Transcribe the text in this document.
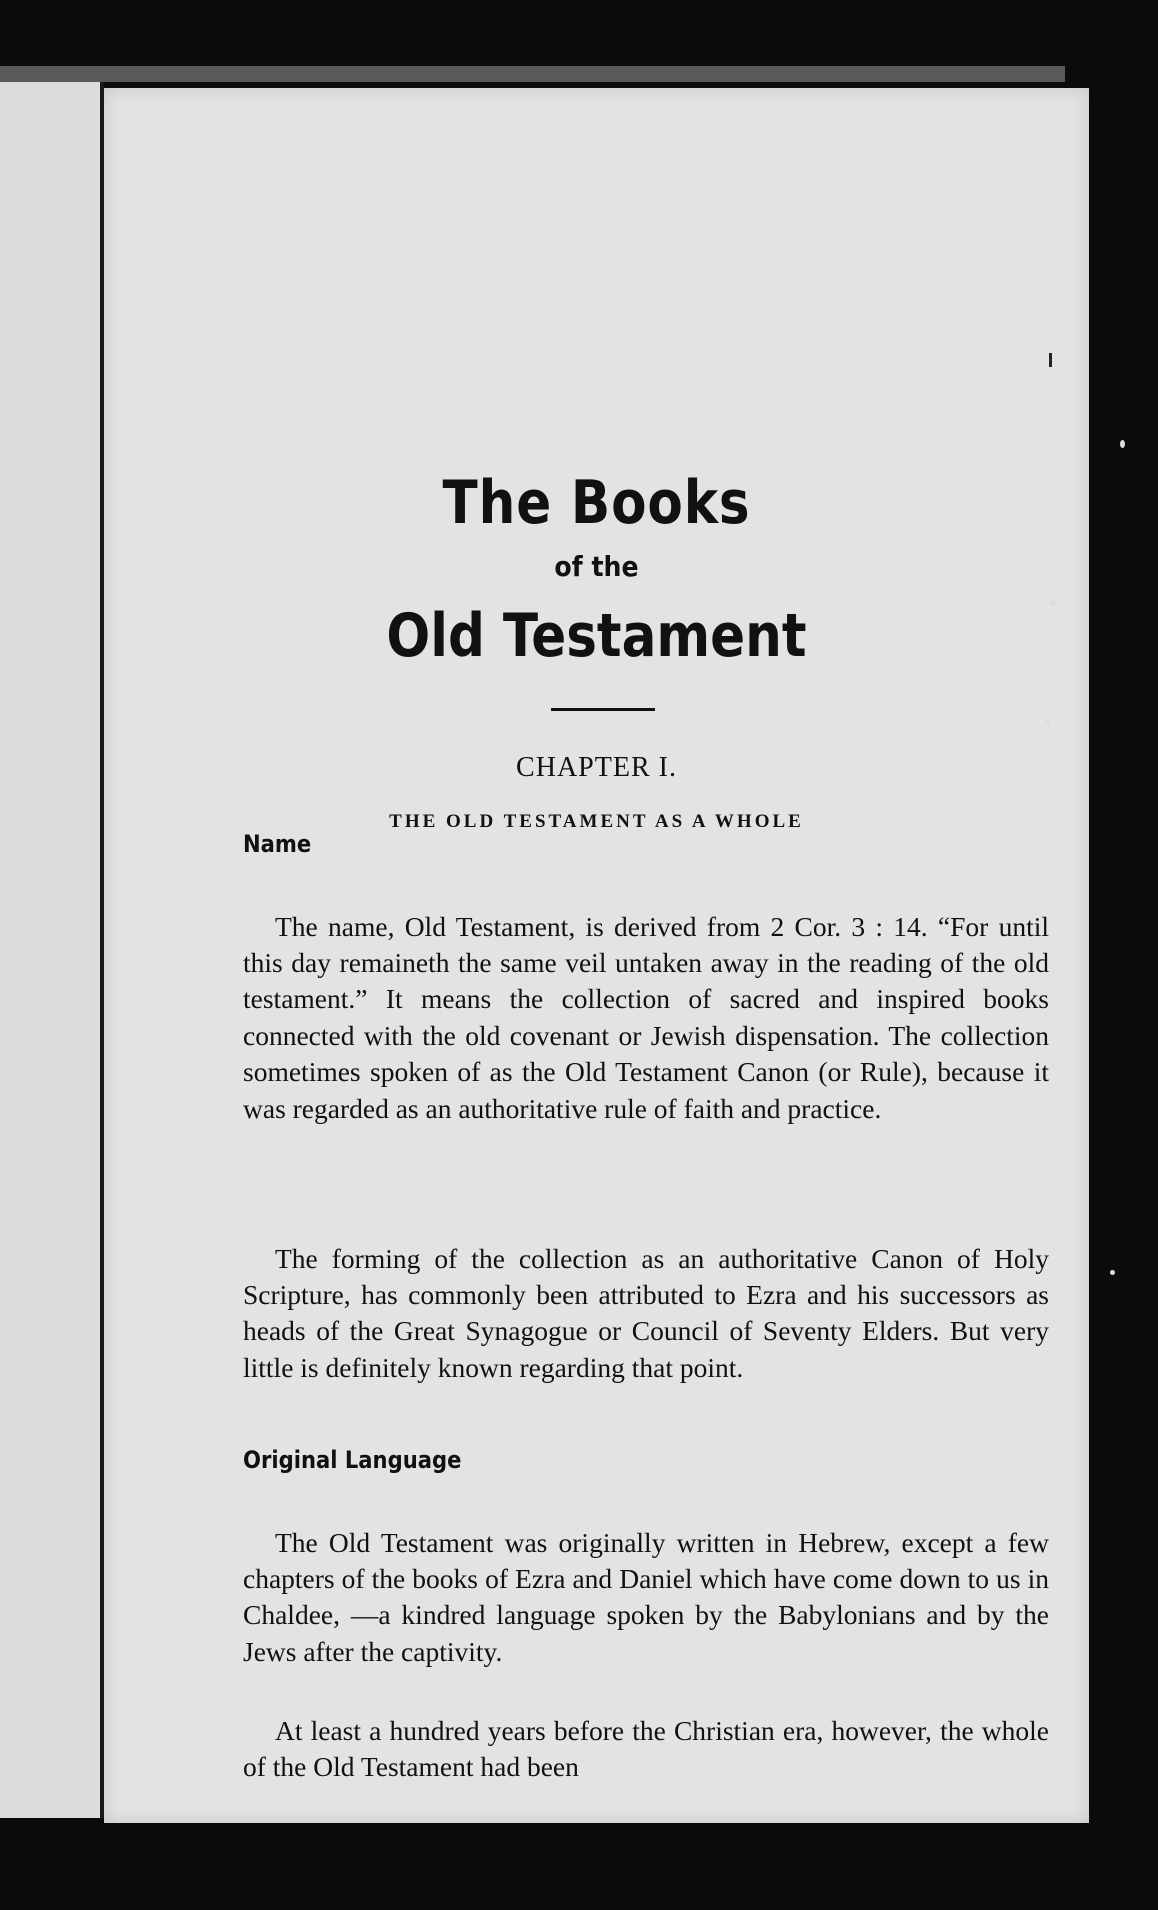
The Books
of the
Old Testament
CHAPTER I.
THE OLD TESTAMENT AS A WHOLE
Name

The name, Old Testament, is derived from 2 Cor. 3 : 14. “For until this day remaineth the same veil untaken away in the reading of the old testament.” It means the collection of sacred and inspired books connected with the old covenant or Jewish dispensation. The collection sometimes spoken of as the Old Testament Canon (or Rule), because it was regarded as an authoritative rule of faith and practice.

The forming of the collection as an authoritative Canon of Holy Scripture, has commonly been attributed to Ezra and his successors as heads of the Great Synagogue or Council of Seventy Elders. But very little is definitely known regarding that point.

Original Language

The Old Testament was originally written in Hebrew, except a few chapters of the books of Ezra and Daniel which have come down to us in Chaldee, —a kindred language spoken by the Babylonians and by the Jews after the captivity.

At least a hundred years before the Christian era, however, the whole of the Old Testament had been
